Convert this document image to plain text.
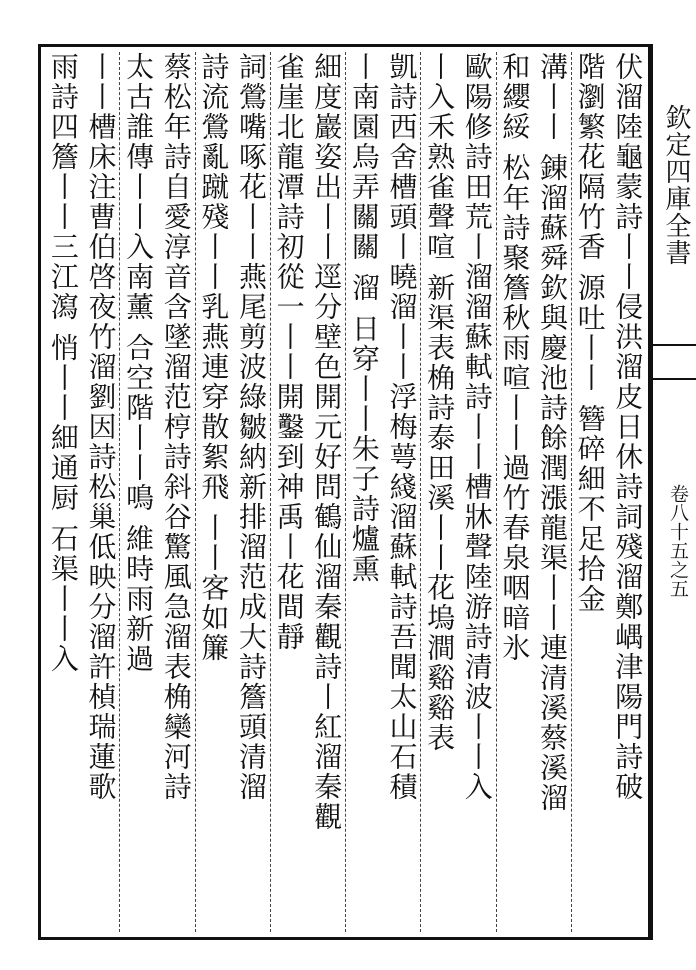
欽定四庫全書
卷八十五之五
伏溜陸龜蒙詩丨丨侵洪溜皮日休詩詞殘溜鄭嵎津陽門詩破
階瀏繁花隔竹香 源吐丨丨 簪碎細不足拾金
溝丨丨 錬溜蘇舜欽與慶池詩餘潤漲龍渠丨丨連清溪蔡溪溜
和纓綏 松年詩聚簷秋雨喧丨丨過竹春泉咽暗氷
歐陽修詩田荒丨溜溜蘇軾詩丨丨槽牀聲陸游詩清波丨丨入
丨入禾熟雀聲喧 新渠表桷詩泰田溪丨丨花塢澗谿谿表
凱詩西舍槽頭丨曉溜丨丨浮梅萼綫溜蘇軾詩吾聞太山石積
丨南園烏弄關關 溜 日穿丨丨朱子詩爐熏
細度巖姿出丨丨逕分壁色開元好問鶴仙溜秦觀詩丨紅溜秦觀
雀崖北龍潭詩初從一丨丨開鑿到神禹丨花間靜
詞鶯嘴啄花丨丨燕尾剪波綠皺納新排溜范成大詩簷頭清溜
詩流鶯亂蹴殘丨丨乳燕連穿散絮飛 丨丨客如簾
蔡松年詩自愛淳音含墜溜范梈詩斜谷驚風急溜表桷欒河詩
太古誰傳丨丨入南薰 合空階丨丨鳴 維時雨新過
丨丨槽床注曹伯啓夜竹溜劉因詩松巢低映分溜許楨瑞蓮歌
雨詩四簷丨丨三江瀉 悄丨丨細通厨 石渠丨丨入
